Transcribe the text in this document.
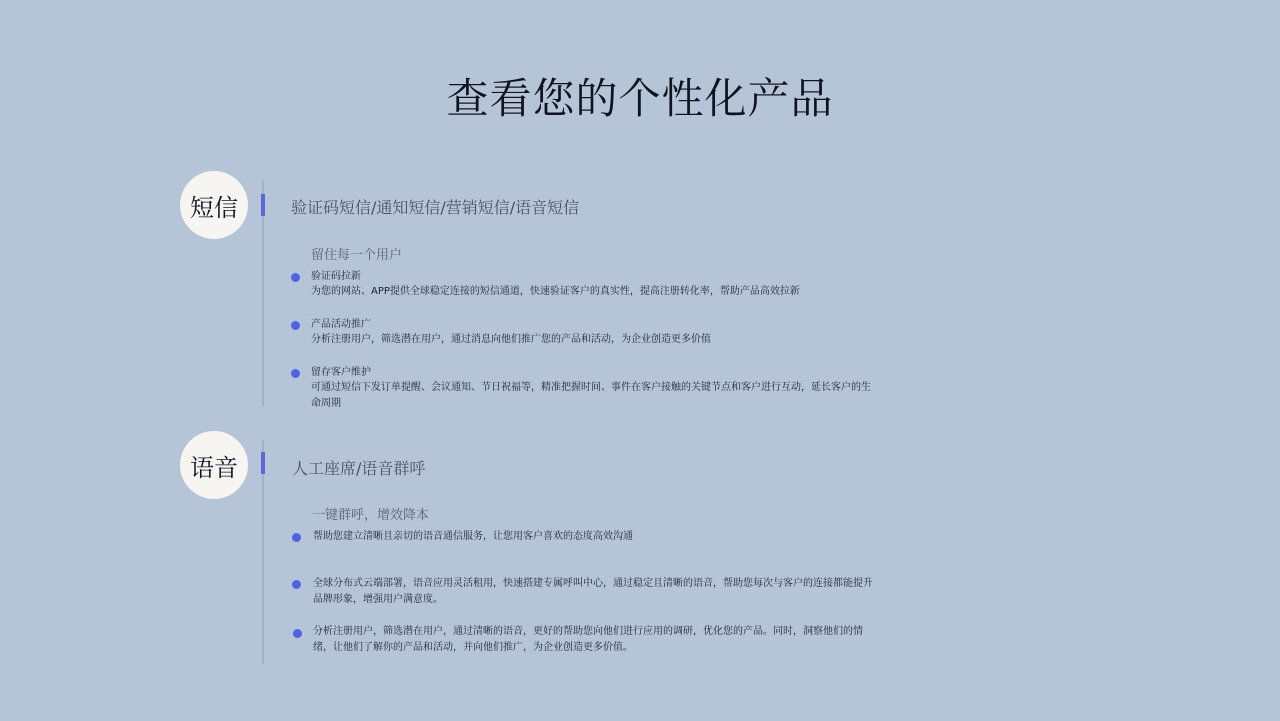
查看您的个性化产品
短信	验证码短信/通知短信/营销短信/语音短信
留住每一个用户
验证码拉新
为您的网站、APP提供全球稳定连接的短信通道，快速验证客户的真实性，提高注册转化率，帮助产品高效拉新
产品活动推广
分析注册用户，筛选潜在用户，通过消息向他们推广您的产品和活动，为企业创造更多价值
留存客户维护
可通过短信下发订单提醒、会议通知、节日祝福等，精准把握时间、事件在客户接触的关键节点和客户进行互动，延长客户的生命周期
语音	人工座席/语音群呼
一键群呼，增效降本
帮助您建立清晰且亲切的语音通信服务，让您用客户喜欢的态度高效沟通
全球分布式云端部署，语音应用灵活租用，快速搭建专属呼叫中心，通过稳定且清晰的语音，帮助您每次与客户的连接都能提升品牌形象，增强用户满意度。
分析注册用户，筛选潜在用户，通过清晰的语音，更好的帮助您向他们进行应用的调研，优化您的产品。同时，洞察他们的情绪，让他们了解你的产品和活动，并向他们推广，为企业创造更多价值。
